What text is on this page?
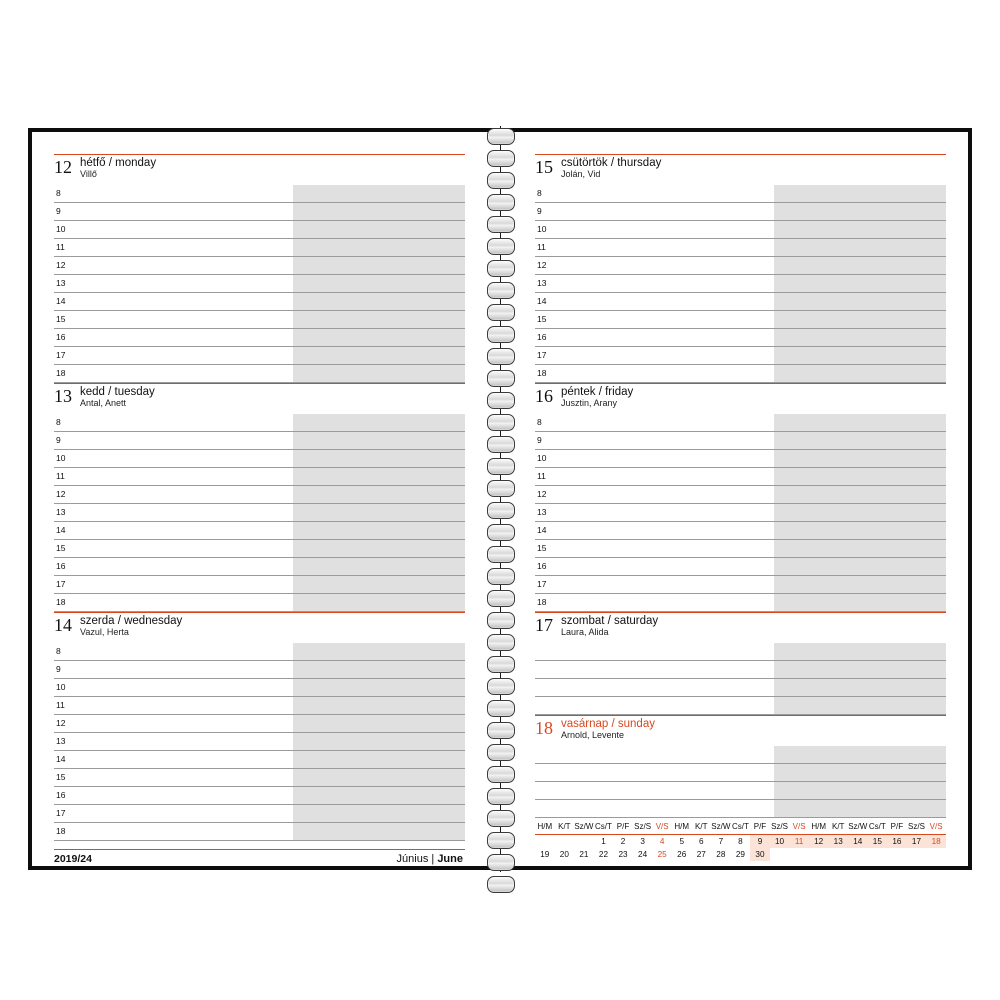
12 hétfő / monday
Villő
8
9
10
11
12
13
14
15
16
17
18
13 kedd / tuesday
Antal, Anett
8
9
10
11
12
13
14
15
16
17
18
14 szerda / wednesday
Vazul, Herta
8
9
10
11
12
13
14
15
16
17
18
2019/24	Június | June
15 csütörtök / thursday
Jolán, Vid
8
9
10
11
12
13
14
15
16
17
18
16 péntek / friday
Jusztin, Arany
8
9
10
11
12
13
14
15
16
17
18
17 szombat / saturday
Laura, Alida
18 vasárnap / sunday
Arnold, Levente
H/M	K/T	Sz/W	Cs/T	P/F	Sz/S	V/S	H/M	K/T	Sz/W	Cs/T	P/F	Sz/S	V/S	H/M	K/T	Sz/W	Cs/T	P/F	Sz/S	V/S
			1	2	3	4	5	6	7	8	9	10	11	12	13	14	15	16	17	18
19	20	21	22	23	24	25	26	27	28	29	30									
